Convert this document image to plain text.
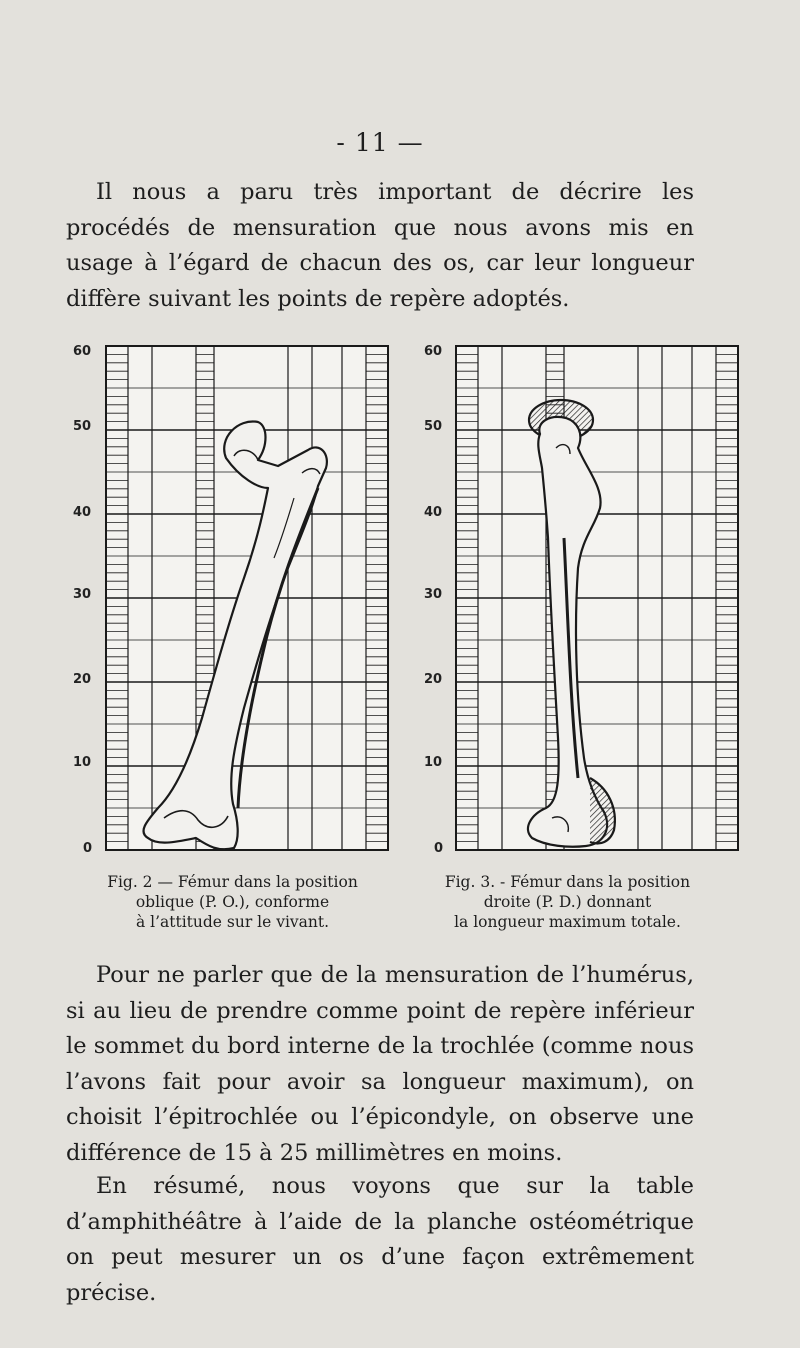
- 11 —

Il nous a paru très important de décrire les procédés de mensuration que nous avons mis en usage à l’égard de chacun des os, car leur longueur diffère suivant les points de repère adoptés.

60
50
40
30
20
10
0
60
50
40
30
20
10
0
Fig. 2 — Fémur dans la position
oblique (P. O.), conforme
à l’attitude sur le vivant.
Fig. 3. - Fémur dans la position
droite (P. D.) donnant
la longueur maximum totale.

Pour ne parler que de la mensuration de l’humérus, si au lieu de prendre comme point de repère inférieur le sommet du bord interne de la trochlée (comme nous l’avons fait pour avoir sa longueur maximum), on choisit l’épitrochlée ou l’épicondyle, on observe une différence de 15 à 25 millimètres en moins.

En résumé, nous voyons que sur la table d’amphithéâtre à l’aide de la planche ostéométrique on peut mesurer un os d’une façon extrêmement précise.
